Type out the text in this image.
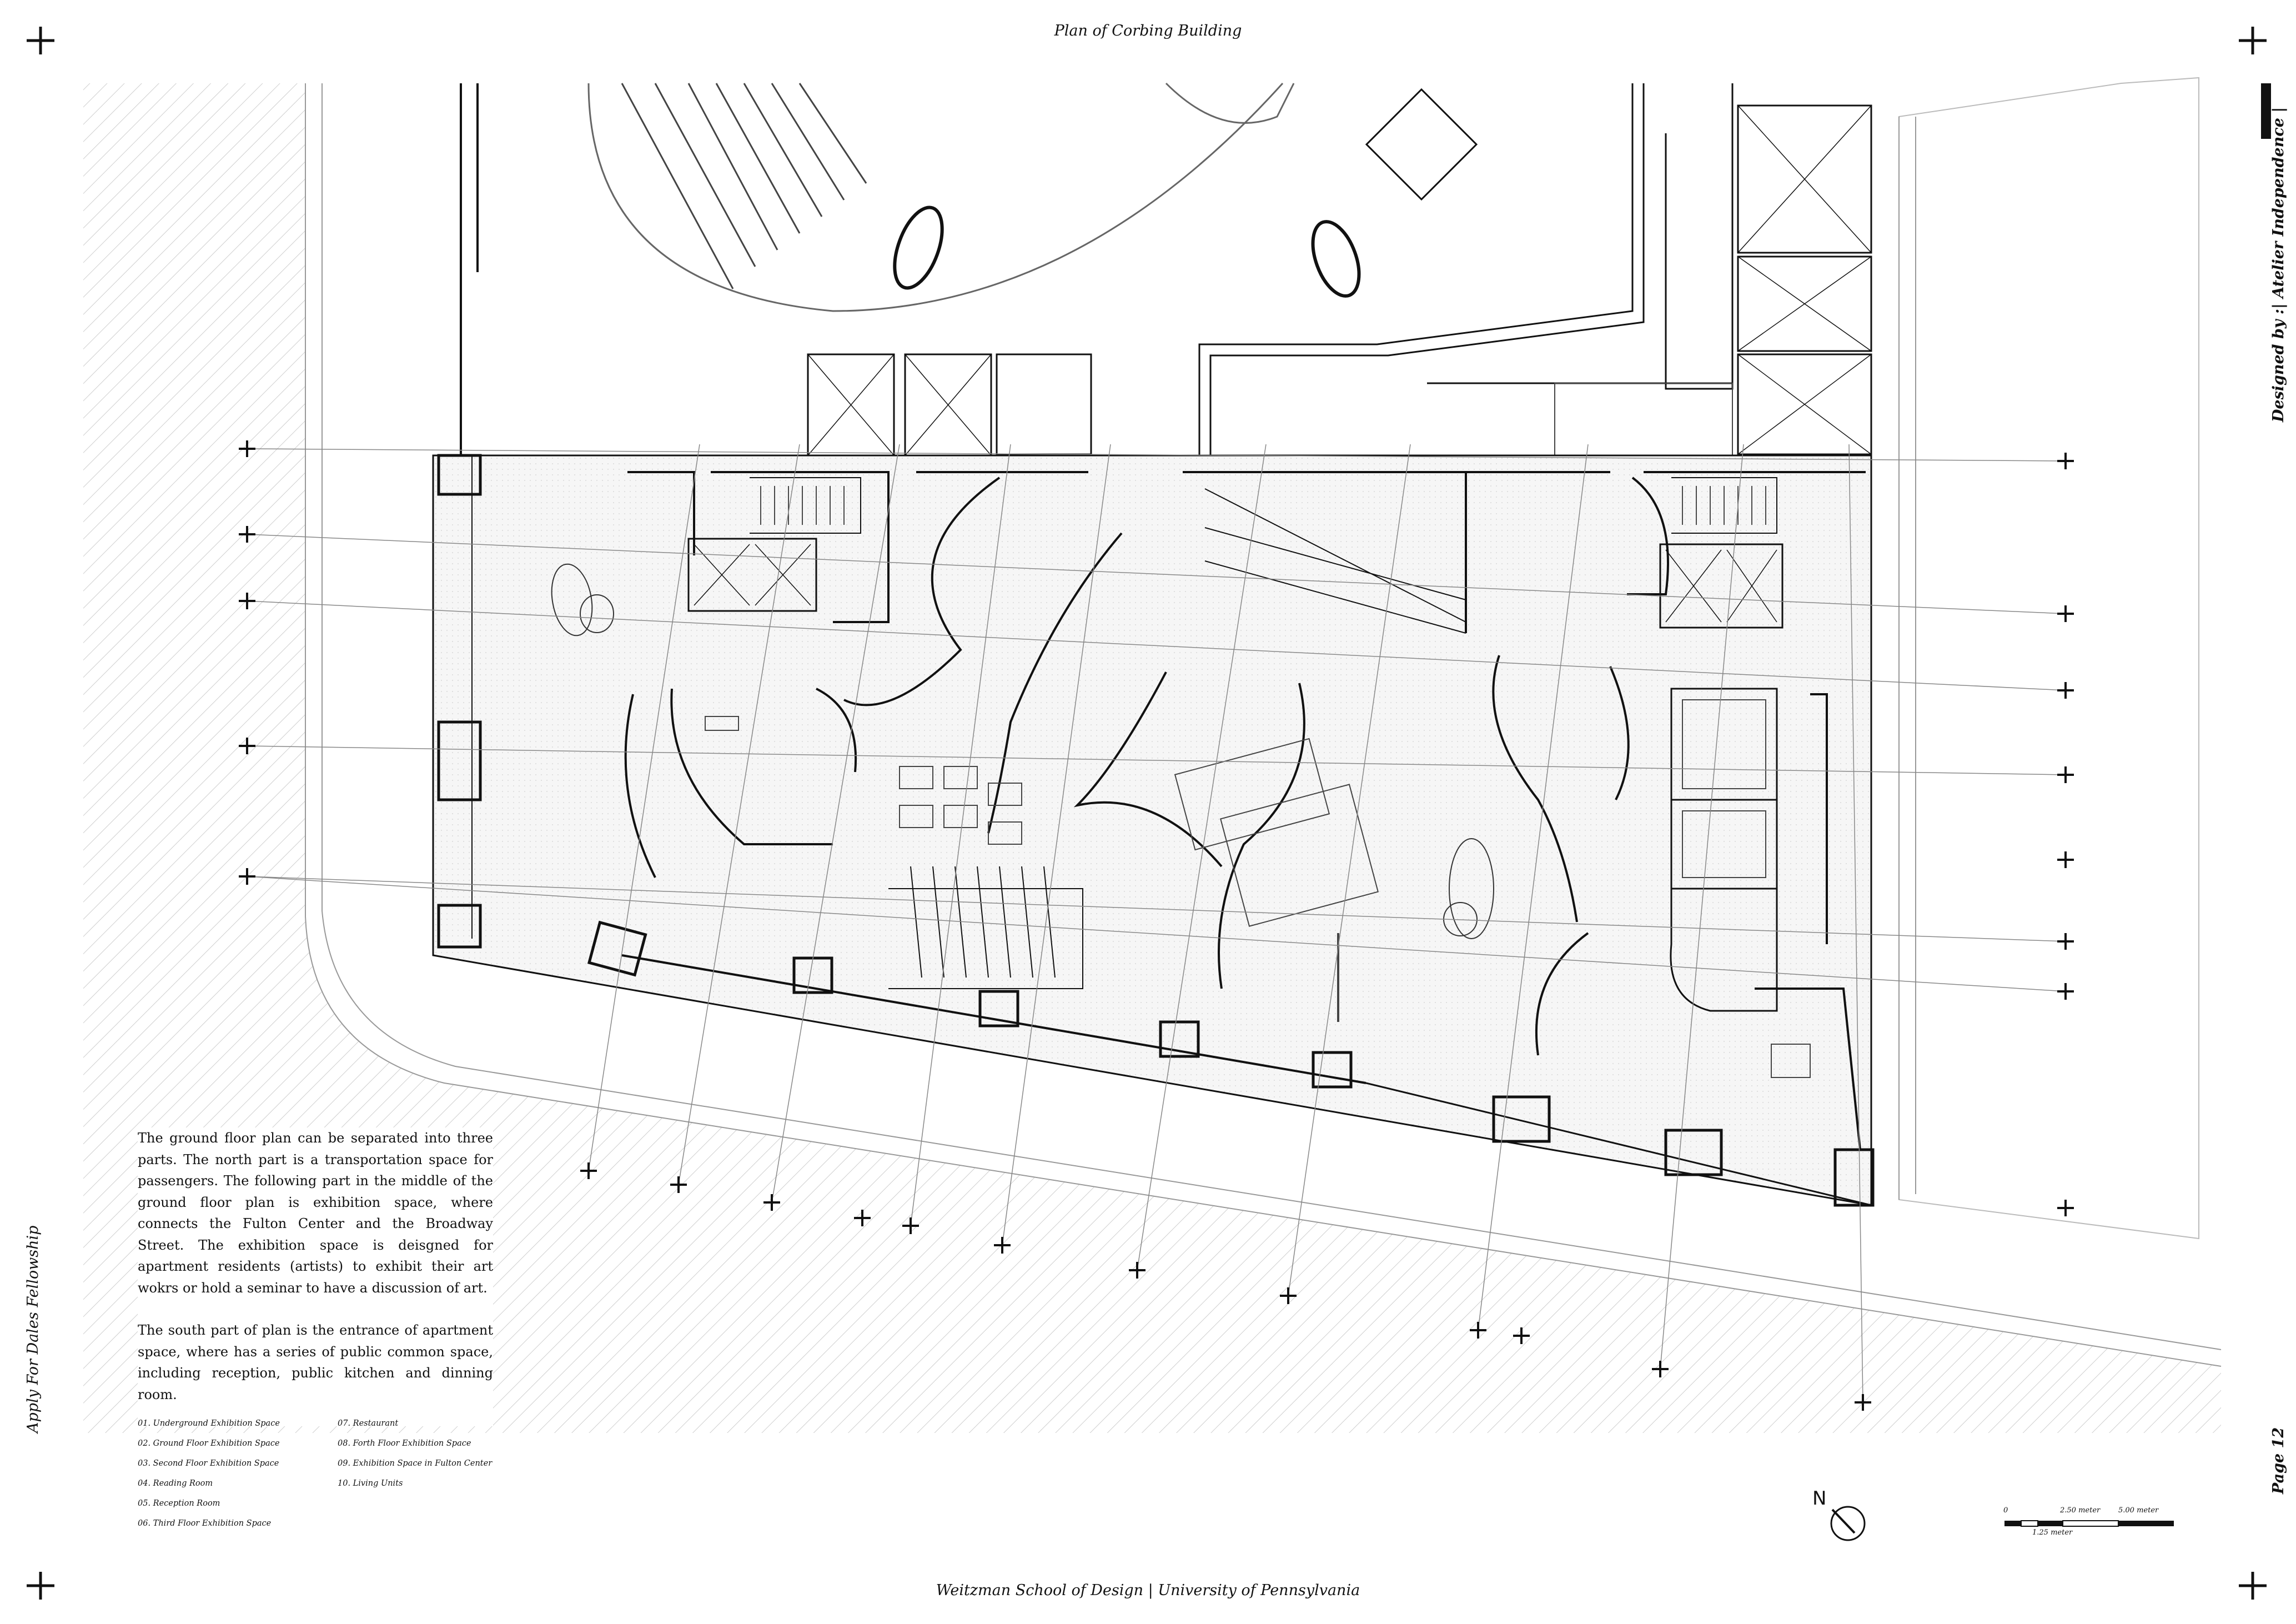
Plan of Corbing Building
Weitzman School of Design | University of Pennsylvania
Designed by :| Atelier Independence |
Page 12
Apply For Dales Fellowship

The ground floor plan can be separated into three parts. The north part is a transportation space for passengers. The following part in the middle of the ground floor plan is exhibition space, where connects the Fulton Center and the Broadway Street. The exhibition space is deisgned for apartment residents (artists) to exhibit their art wokrs or hold a seminar to have a discussion of art.

The south part of plan is the entrance of apartment space, where has a series of public common space, including reception, public kitchen and dinning room.

01. Underground Exhibition Space
02. Ground Floor Exhibition Space
03. Second Floor Exhibition Space
04. Reading Room
05. Reception Room
06. Third Floor Exhibition Space
07. Restaurant
08. Forth Floor Exhibition Space
09. Exhibition Space in Fulton Center
10. Living Units
N
0	2.50 meter	5.00 meter
1.25 meter
